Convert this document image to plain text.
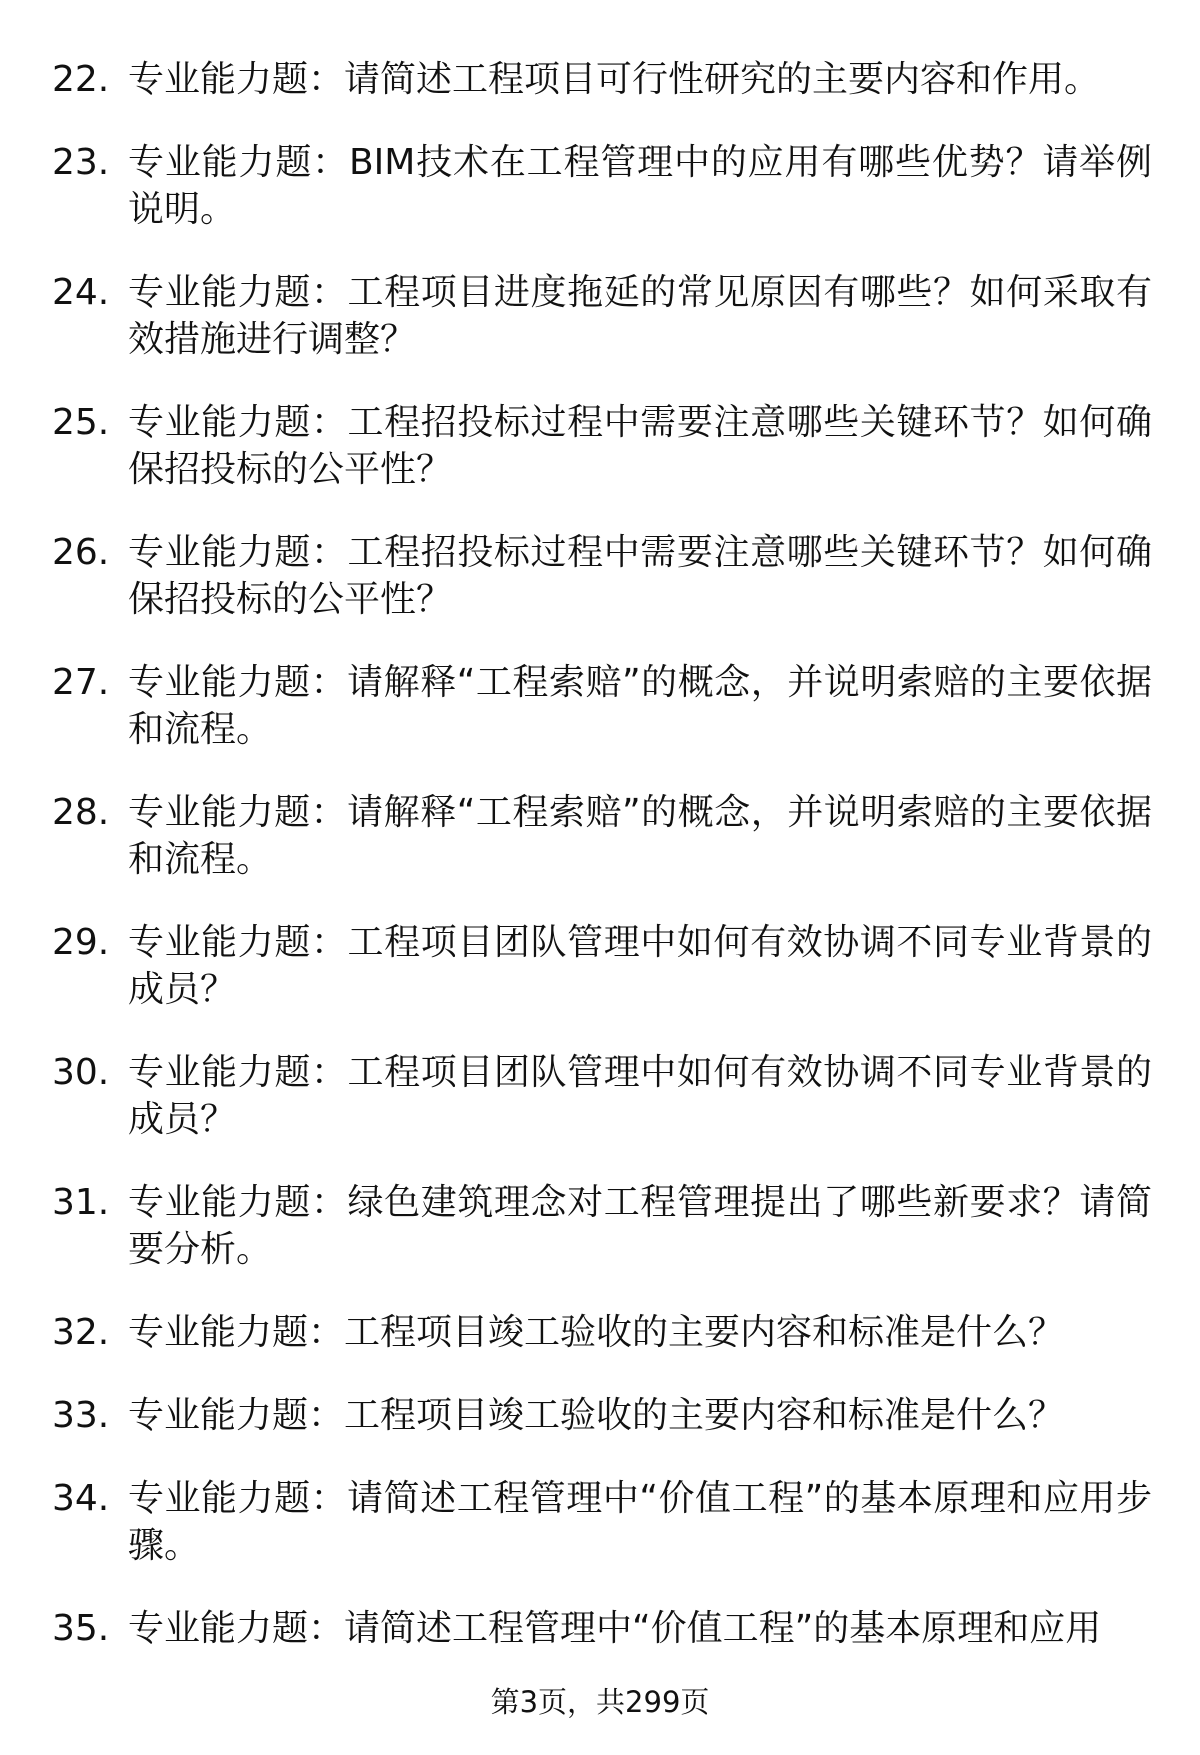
22. 专业能力题：请简述工程项目可行性研究的主要内容和作用。
23. 专业能力题：BIM技术在工程管理中的应用有哪些优势？请举例说明。
24. 专业能力题：工程项目进度拖延的常见原因有哪些？如何采取有效措施进行调整？
25. 专业能力题：工程招投标过程中需要注意哪些关键环节？如何确保招投标的公平性？
26. 专业能力题：工程招投标过程中需要注意哪些关键环节？如何确保招投标的公平性？
27. 专业能力题：请解释“工程索赔”的概念，并说明索赔的主要依据和流程。
28. 专业能力题：请解释“工程索赔”的概念，并说明索赔的主要依据和流程。
29. 专业能力题：工程项目团队管理中如何有效协调不同专业背景的成员？
30. 专业能力题：工程项目团队管理中如何有效协调不同专业背景的成员？
31. 专业能力题：绿色建筑理念对工程管理提出了哪些新要求？请简要分析。
32. 专业能力题：工程项目竣工验收的主要内容和标准是什么？
33. 专业能力题：工程项目竣工验收的主要内容和标准是什么？
34. 专业能力题：请简述工程管理中“价值工程”的基本原理和应用步骤。
35. 专业能力题：请简述工程管理中“价值工程”的基本原理和应用
第3页，共299页
